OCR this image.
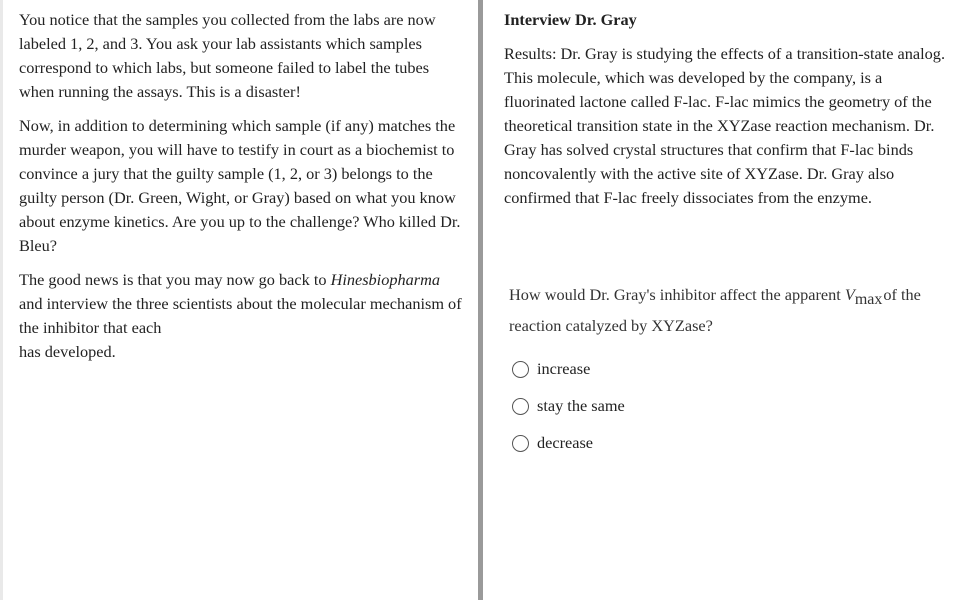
You notice that the samples you collected from the labs are now labeled 1, 2, and 3. You ask your lab assistants which samples correspond to which labs, but someone failed to label the tubes when running the assays. This is a disaster!

Now, in addition to determining which sample (if any) matches the murder weapon, you will have to testify in court as a biochemist to convince a jury that the guilty sample (1, 2, or 3) belongs to the guilty person (Dr. Green, Wight, or Gray) based on what you know about enzyme kinetics. Are you up to the challenge? Who killed Dr. Bleu?

The good news is that you may now go back to Hinesbiopharma and interview the three scientists about the molecular mechanism of the inhibitor that each
has developed.

Interview Dr. Gray

Results: Dr. Gray is studying the effects of a transition-state analog. This molecule, which was developed by the company, is a fluorinated lactone called F-lac. F-lac mimics the geometry of the theoretical transition state in the XYZase reaction mechanism. Dr. Gray has solved crystal structures that confirm that F-lac binds noncovalently with the active site of XYZase. Dr. Gray also confirmed that F-lac freely dissociates from the enzyme.

How would Dr. Gray's inhibitor affect the apparent Vmaxof the reaction catalyzed by XYZase?
increase
stay the same
decrease
